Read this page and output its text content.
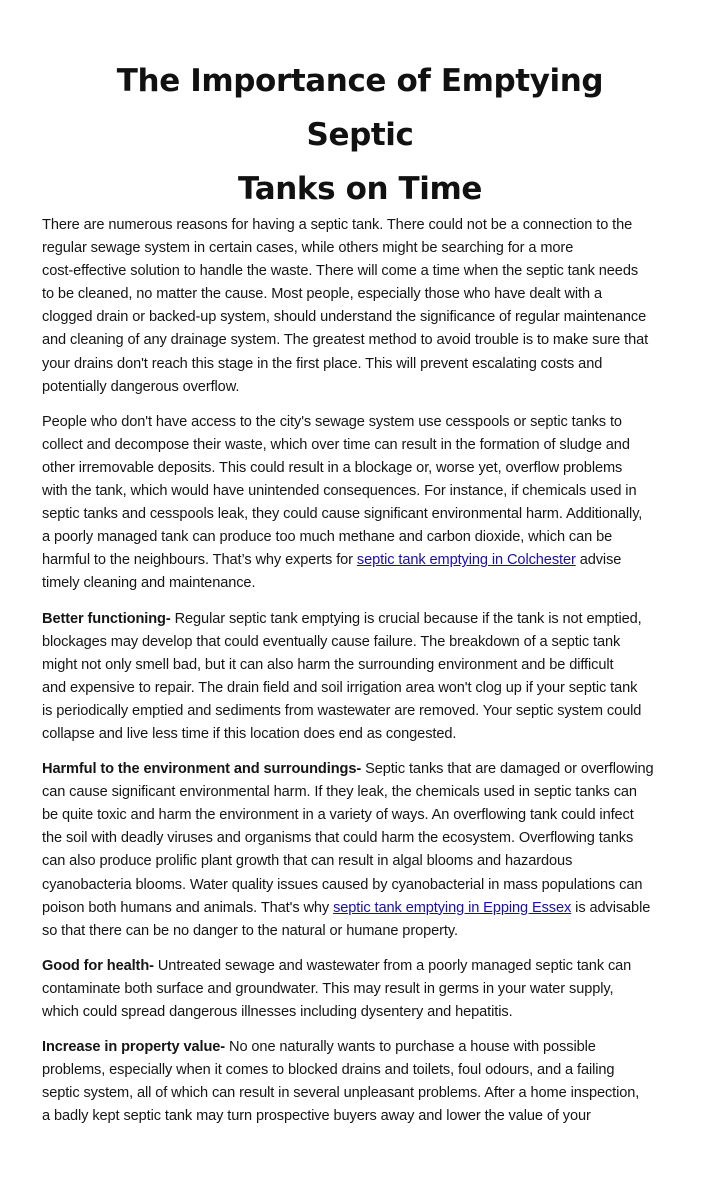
The Importance of Emptying Septic
Tanks on Time

There are numerous reasons for having a septic tank. There could not be a connection to the
regular sewage system in certain cases, while others might be searching for a more
cost-effective solution to handle the waste. There will come a time when the septic tank needs
to be cleaned, no matter the cause. Most people, especially those who have dealt with a
clogged drain or backed-up system, should understand the significance of regular maintenance
and cleaning of any drainage system. The greatest method to avoid trouble is to make sure that
your drains don't reach this stage in the first place. This will prevent escalating costs and
potentially dangerous overflow.

People who don't have access to the city's sewage system use cesspools or septic tanks to
collect and decompose their waste, which over time can result in the formation of sludge and
other irremovable deposits. This could result in a blockage or, worse yet, overflow problems
with the tank, which would have unintended consequences. For instance, if chemicals used in
septic tanks and cesspools leak, they could cause significant environmental harm. Additionally,
a poorly managed tank can produce too much methane and carbon dioxide, which can be
harmful to the neighbours. That’s why experts for septic tank emptying in Colchester advise
timely cleaning and maintenance.

Better functioning- Regular septic tank emptying is crucial because if the tank is not emptied,
blockages may develop that could eventually cause failure. The breakdown of a septic tank
might not only smell bad, but it can also harm the surrounding environment and be difficult
and expensive to repair. The drain field and soil irrigation area won't clog up if your septic tank
is periodically emptied and sediments from wastewater are removed. Your septic system could
collapse and live less time if this location does end as congested.

Harmful to the environment and surroundings- Septic tanks that are damaged or overflowing
can cause significant environmental harm. If they leak, the chemicals used in septic tanks can
be quite toxic and harm the environment in a variety of ways. An overflowing tank could infect
the soil with deadly viruses and organisms that could harm the ecosystem. Overflowing tanks
can also produce prolific plant growth that can result in algal blooms and hazardous
cyanobacteria blooms. Water quality issues caused by cyanobacterial in mass populations can
poison both humans and animals. That's why septic tank emptying in Epping Essex is advisable
so that there can be no danger to the natural or humane property.

Good for health- Untreated sewage and wastewater from a poorly managed septic tank can
contaminate both surface and groundwater. This may result in germs in your water supply,
which could spread dangerous illnesses including dysentery and hepatitis.

Increase in property value- No one naturally wants to purchase a house with possible
problems, especially when it comes to blocked drains and toilets, foul odours, and a failing
septic system, all of which can result in several unpleasant problems. After a home inspection,
a badly kept septic tank may turn prospective buyers away and lower the value of your
